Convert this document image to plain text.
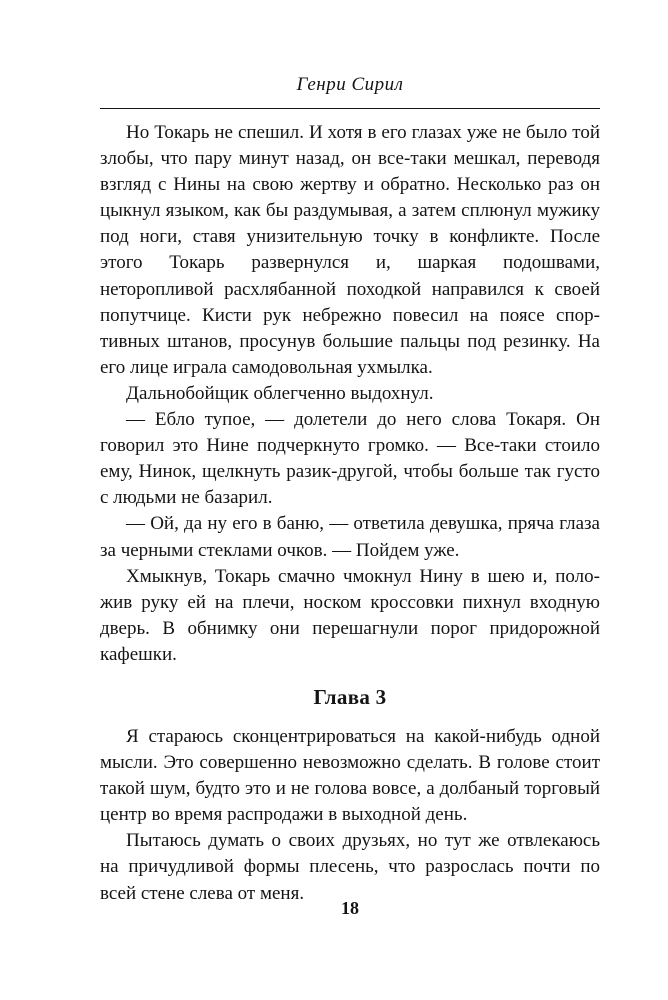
Генри Сирил

Но Токарь не спешил. И хотя в его глазах уже не было той злобы, что пару минут назад, он все-таки мешкал, переводя взгляд с Нины на свою жертву и обратно. Несколько раз он цыкнул языком, как бы раздумывая, а затем сплюнул мужику под ноги, ставя унизительную точку в конфликте. После этого Токарь развернулся и, шаркая подошвами, неторопливой расхлябанной походкой направился к своей попутчице. Кисти рук небрежно повесил на поясе спортивных штанов, просунув большие пальцы под резинку. На его лице играла самодовольная ухмылка.

Дальнобойщик облегченно выдохнул.

— Ебло тупое, — долетели до него слова Токаря. Он говорил это Нине подчеркнуто громко. — Все-таки стоило ему, Нинок, щелкнуть разик-другой, чтобы больше так густо с людьми не базарил.

— Ой, да ну его в баню, — ответила девушка, пряча глаза за черными стеклами очков. — Пойдем уже.

Хмыкнув, Токарь смачно чмокнул Нину в шею и, положив руку ей на плечи, носком кроссовки пихнул входную дверь. В обнимку они перешагнули порог придорожной кафешки.

Глава 3

Я стараюсь сконцентрироваться на какой-нибудь одной мысли. Это совершенно невозможно сделать. В голове стоит такой шум, будто это и не голова вовсе, а долбаный торговый центр во время распродажи в выходной день.

Пытаюсь думать о своих друзьях, но тут же отвлекаюсь на причудливой формы плесень, что разрослась почти по всей стене слева от меня.

18
